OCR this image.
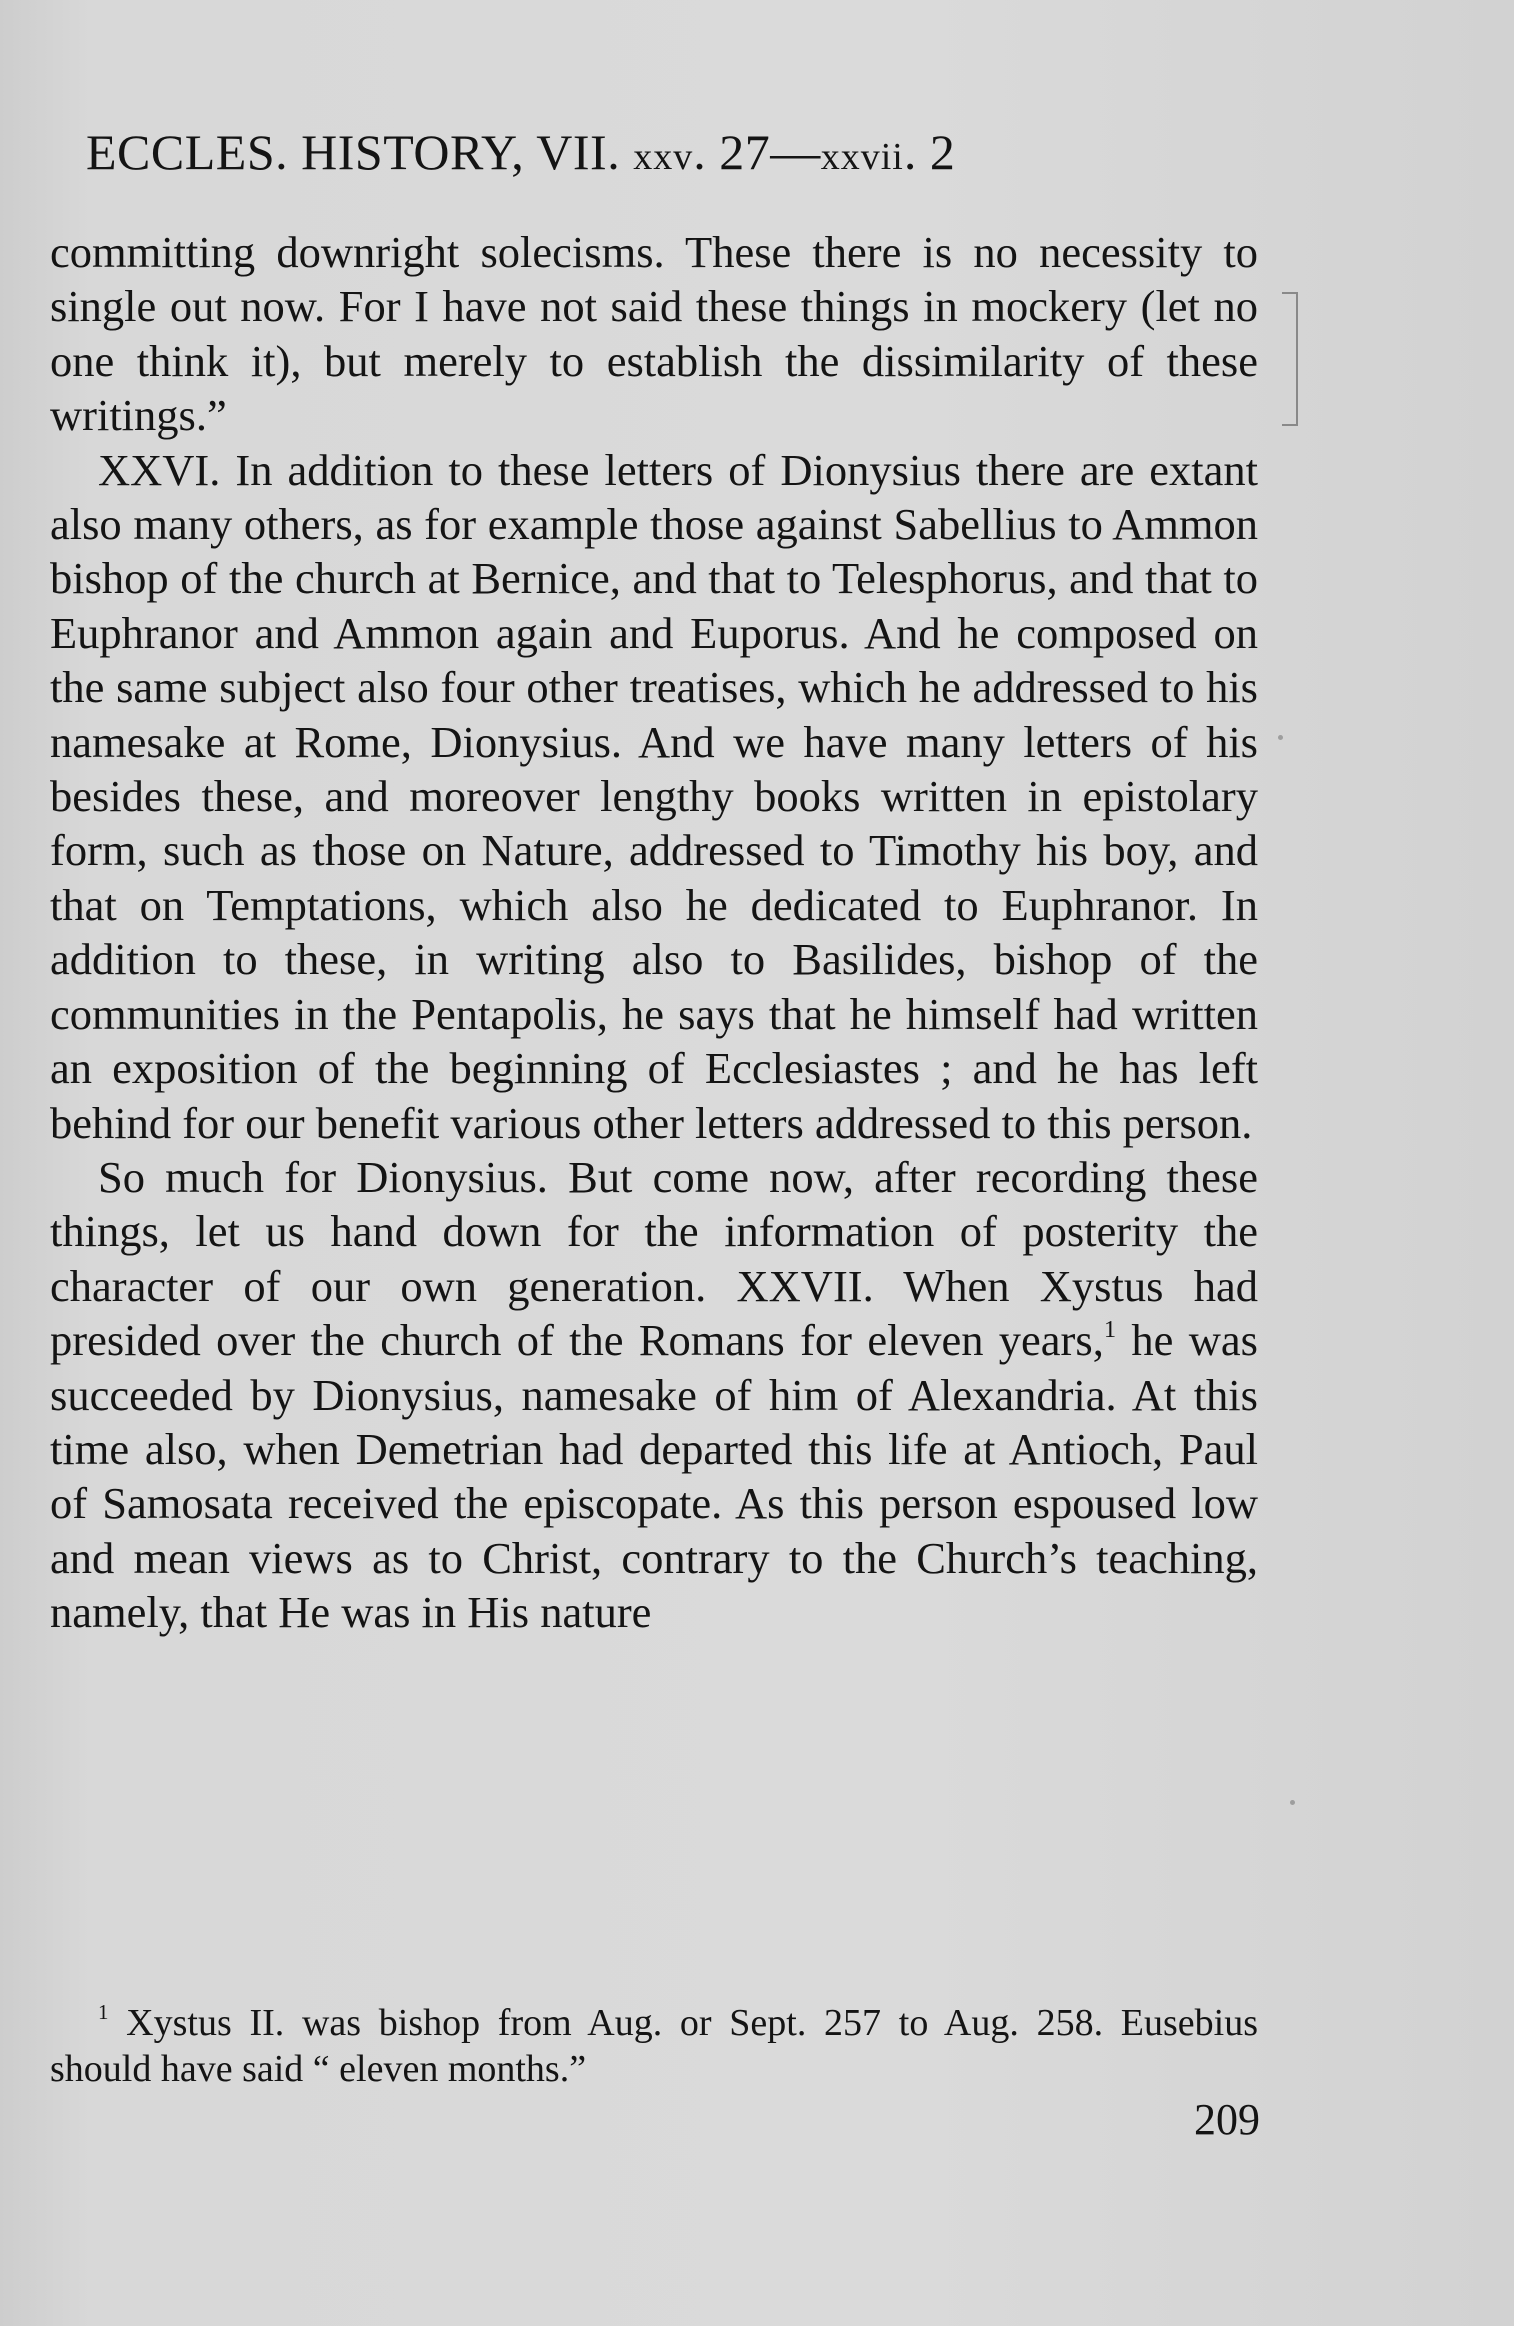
ECCLES. HISTORY, VII. xxv. 27—xxvii. 2

committing downright solecisms. These there is no necessity to single out now. For I have not said these things in mockery (let no one think it), but merely to establish the dissimilarity of these writings.”

XXVI. In addition to these letters of Dionysius there are extant also many others, as for example those against Sabellius to Ammon bishop of the church at Bernice, and that to Telesphorus, and that to Euphranor and Ammon again and Euporus. And he composed on the same subject also four other treatises, which he addressed to his namesake at Rome, Dionysius. And we have many letters of his besides these, and moreover lengthy books written in epistolary form, such as those on Nature, addressed to Timothy his boy, and that on Temptations, which also he dedicated to Euphranor. In addition to these, in writing also to Basilides, bishop of the communities in the Pentapolis, he says that he himself had written an exposition of the beginning of Ecclesiastes ; and he has left behind for our benefit various other letters addressed to this person.

So much for Dionysius. But come now, after recording these things, let us hand down for the information of posterity the character of our own generation. XXVII. When Xystus had presided over the church of the Romans for eleven years,$^1$ he was succeeded by Dionysius, namesake of him of Alexandria. At this time also, when Demetrian had departed this life at Antioch, Paul of Samosata received the episcopate. As this person espoused low and mean views as to Christ, contrary to the Church’s teaching, namely, that He was in His nature

$^1$ Xystus II. was bishop from Aug. or Sept. 257 to Aug. 258. Eusebius should have said “ eleven months.”

209
